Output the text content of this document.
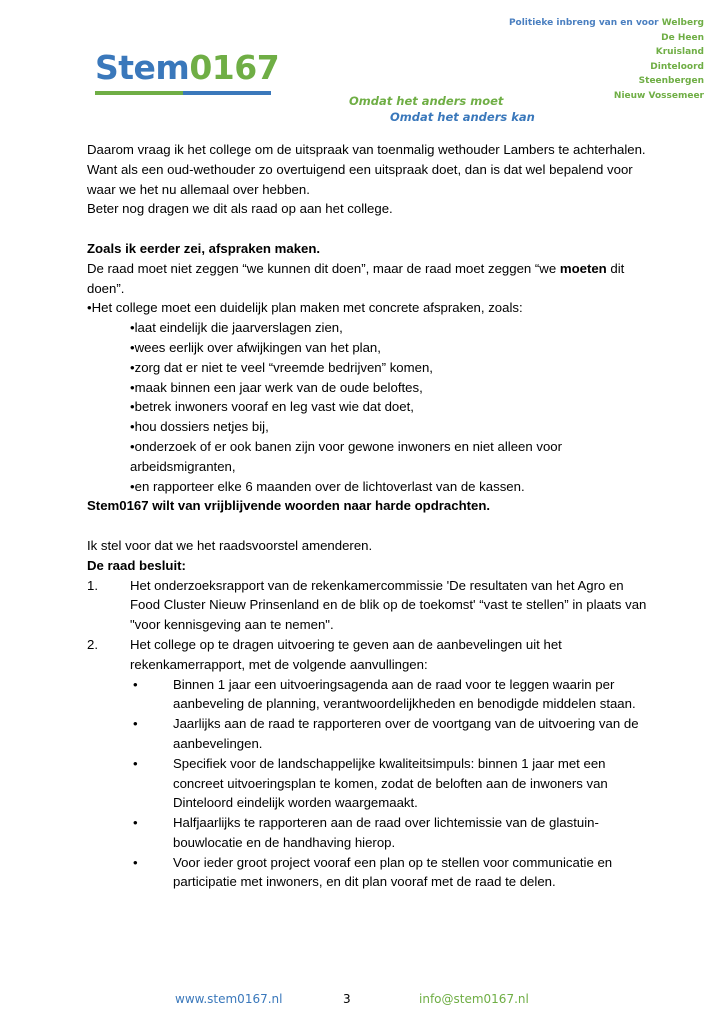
Stem0167
Politieke inbreng van en voor Welberg
De Heen
Kruisland
Dinteloord
Steenbergen
Nieuw Vossemeer
Omdat het anders moet
Omdat het anders kan

Daarom vraag ik het college om de uitspraak van toenmalig wethouder Lambers te achterhalen.

Want als een oud-wethouder zo overtuigend een uitspraak doet, dan is dat wel bepalend voor waar we het nu allemaal over hebben.

Beter nog dragen we dit als raad op aan het college.

Zoals ik eerder zei, afspraken maken.

De raad moet niet zeggen “we kunnen dit doen”, maar de raad moet zeggen “we moeten dit doen”.

•Het college moet een duidelijk plan maken met concrete afspraken, zoals:

•laat eindelijk die jaarverslagen zien,

•wees eerlijk over afwijkingen van het plan,

•zorg dat er niet te veel “vreemde bedrijven” komen,

•maak binnen een jaar werk van de oude beloftes,

•betrek inwoners vooraf en leg vast wie dat doet,

•hou dossiers netjes bij,

•onderzoek of er ook banen zijn voor gewone inwoners en niet alleen voor arbeidsmigranten,

•en rapporteer elke 6 maanden over de lichtoverlast van de kassen.

Stem0167 wilt van vrijblijvende woorden naar harde opdrachten.

Ik stel voor dat we het raadsvoorstel amenderen.

De raad besluit:

1.	Het onderzoeksrapport van de rekenkamercommissie 'De resultaten van het Agro en Food Cluster Nieuw Prinsenland en de blik op de toekomst' “vast te stellen” in plaats van "voor kennisgeving aan te nemen".
2.	Het college op te dragen uitvoering te geven aan de aanbevelingen uit het rekenkamerrapport, met de volgende aanvullingen:
•	Binnen 1 jaar een uitvoeringsagenda aan de raad voor te leggen waarin per aanbeveling de planning, verantwoordelijkheden en benodigde middelen staan.
•	Jaarlijks aan de raad te rapporteren over de voortgang van de uitvoering van de aanbevelingen.
•	Specifiek voor de landschappelijke kwaliteitsimpuls: binnen 1 jaar met een concreet uitvoeringsplan te komen, zodat de beloften aan de inwoners van Dinteloord eindelijk worden waargemaakt.
•	Halfjaarlijks te rapporteren aan de raad over lichtemissie van de glastuin-bouwlocatie en de handhaving hierop.
•	Voor ieder groot project vooraf een plan op te stellen voor communicatie en participatie met inwoners, en dit plan vooraf met de raad te delen.
www.stem0167.nl	3	info@stem0167.nl
